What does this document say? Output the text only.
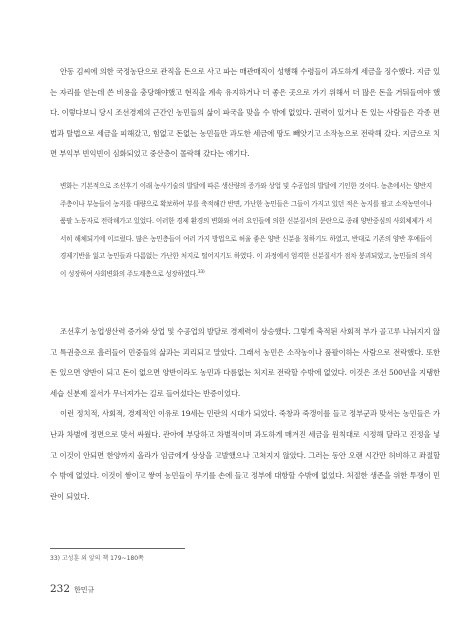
안동 김씨에 의한 국정농단으로 관직을 돈으로 사고 파는 매관매직이 성행해 수령들이 과도하게 세금을 징수했다. 지금 있는 자리를 얻는데 쓴 비용을 충당해야했고 현직을 계속 유지하거나 더 좋은 곳으로 가기 위해서 더 많은 돈을 거둬들여야 했다. 이렇다보니 당시 조선경제의 근간인 농민들의 삶이 파국을 맞을 수 밖에 없었다. 권력이 있거나 돈 있는 사람들은 각종 편법과 탈법으로 세금을 피해갔고, 힘없고 돈없는 농민들만 과도한 세금에 땅도 빼앗기고 소작농으로 전락해 갔다. 지금으로 치면 부익부 빈익빈이 심화되었고 중산층이 몰락해 갔다는 얘기다.

변화는 기본적으로 조선후기 이래 농사기술의 발달에 따른 생산량의 증가와 상업 및 수공업의 발달에 기인한 것이다. 농촌에서는 양반지주층이나 부농들이 농지를 대량으로 확보하여 부를 축적해간 반면, 가난한 농민들은 그들이 가지고 있던 적은 농지를 팔고 소작농민이나 품팔 노동자로 전락해가고 있었다. 이러한 경제 환경의 변화와 여러 요인들에 의한 신분질서의 문란으로 종래 양반중심의 사회체제가 서서히 해체되기에 이르렀다. 많은 농민층들이 여러 가지 방법으로 허울 좋은 양반 신분을 칭하기도 하였고, 반대로 기존의 양반 후예들이 경제기반을 잃고 농민들과 다름없는 가난한 처지로 떨어지기도 하였다. 이 과정에서 엄격한 신분질서가 점차 붕괴되었고, 농민들의 의식이 성장하여 사회변화의 주도계층으로 성장하였다.$^{33)}$

조선후기 농업생산력 증가와 상업 및 수공업의 발달로 경제력이 상승했다. 그렇게 축적된 사회적 부가 골고루 나눠지지 않고 특권층으로 흘러들어 민중들의 삶과는 괴리되고 말았다. 그래서 농민은 소작농이나 품팔이하는 사람으로 전락했다. 또한 돈 있으면 양반이 되고 돈이 없으면 양반이라도 농민과 다름없는 처지로 전락할 수밖에 없었다. 이것은 조선 500년을 지탱한 세습 신분제 질서가 무너져가는 길로 들어섰다는 반증이었다.

이런 정치적, 사회적, 경제적인 이유로 19세는 민란의 시대가 되었다. 죽창과 죽갱이를 들고 정부군과 맞서는 농민들은 가난과 차별에 정면으로 맞서 싸웠다. 관아에 부당하고 차별적이며 과도하게 매겨진 세금을 원칙대로 시정해 달라고 진정을 넣고 이것이 안되면 한양까지 올라가 임금에게 상상을 고발했으나 고쳐지지 않았다. 그러는 동안 오랜 시간만 허비하고 좌절할 수 밖에 없었다. 이것이 쌓이고 쌓여 농민들이 무기를 손에 들고 정부에 대항할 수밖에 없었다. 처절한 생존을 위한 투쟁이 민란이 되었다.

33) 고성훈 외 앞의 책 179~180쪽
232 한민규
